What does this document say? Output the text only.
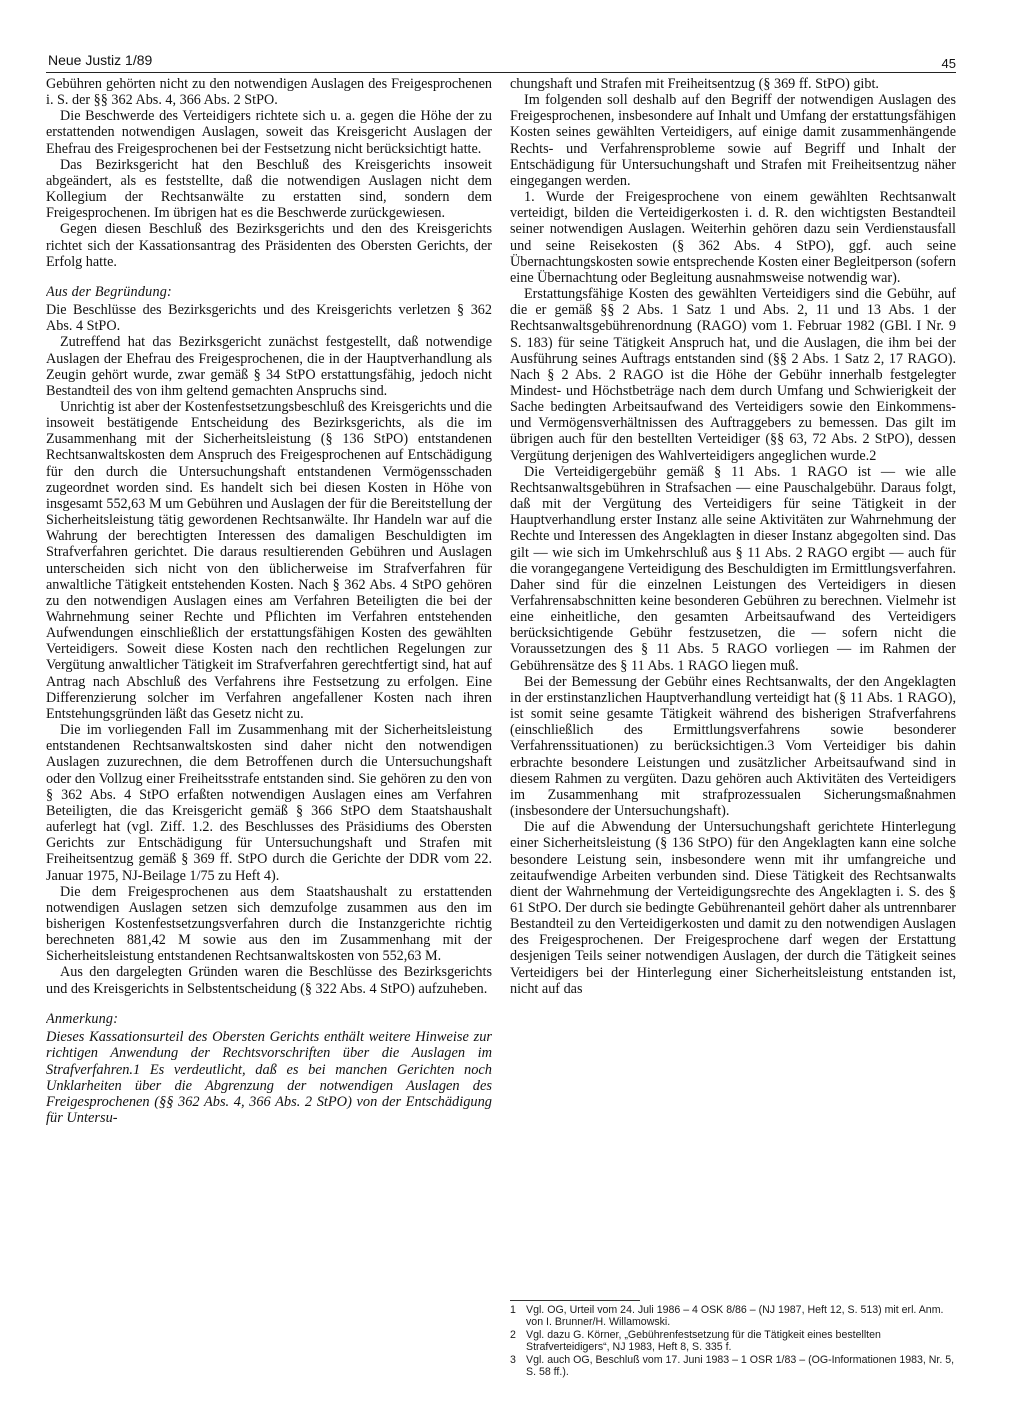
Neue Justiz 1/89	45

Gebühren gehörten nicht zu den notwendigen Auslagen des Freigesprochenen i. S. der §§ 362 Abs. 4, 366 Abs. 2 StPO.

Die Beschwerde des Verteidigers richtete sich u. a. gegen die Höhe der zu erstattenden notwendigen Auslagen, soweit das Kreisgericht Auslagen der Ehefrau des Freigesprochenen bei der Festsetzung nicht berücksichtigt hatte.

Das Bezirksgericht hat den Beschluß des Kreisgerichts insoweit abgeändert, als es feststellte, daß die notwendigen Auslagen nicht dem Kollegium der Rechtsanwälte zu erstatten sind, sondern dem Freigesprochenen. Im übrigen hat es die Beschwerde zurückgewiesen.

Gegen diesen Beschluß des Bezirksgerichts und den des Kreisgerichts richtet sich der Kassationsantrag des Präsidenten des Obersten Gerichts, der Erfolg hatte.

Aus der Begründung:

Die Beschlüsse des Bezirksgerichts und des Kreisgerichts verletzen § 362 Abs. 4 StPO.

Zutreffend hat das Bezirksgericht zunächst festgestellt, daß notwendige Auslagen der Ehefrau des Freigesprochenen, die in der Hauptverhandlung als Zeugin gehört wurde, zwar gemäß § 34 StPO erstattungsfähig, jedoch nicht Bestandteil des von ihm geltend gemachten Anspruchs sind.

Unrichtig ist aber der Kostenfestsetzungsbeschluß des Kreisgerichts und die insoweit bestätigende Entscheidung des Bezirksgerichts, als die im Zusammenhang mit der Sicherheitsleistung (§ 136 StPO) entstandenen Rechtsanwaltskosten dem Anspruch des Freigesprochenen auf Entschädigung für den durch die Untersuchungshaft entstandenen Vermögensschaden zugeordnet worden sind. Es handelt sich bei diesen Kosten in Höhe von insgesamt 552,63 M um Gebühren und Auslagen der für die Bereitstellung der Sicherheitsleistung tätig gewordenen Rechtsanwälte. Ihr Handeln war auf die Wahrung der berechtigten Interessen des damaligen Beschuldigten im Strafverfahren gerichtet. Die daraus resultierenden Gebühren und Auslagen unterscheiden sich nicht von den üblicherweise im Strafverfahren für anwaltliche Tätigkeit entstehenden Kosten. Nach § 362 Abs. 4 StPO gehören zu den notwendigen Auslagen eines am Verfahren Beteiligten die bei der Wahrnehmung seiner Rechte und Pflichten im Verfahren entstehenden Aufwendungen einschließlich der erstattungsfähigen Kosten des gewählten Verteidigers. Soweit diese Kosten nach den rechtlichen Regelungen zur Vergütung anwaltlicher Tätigkeit im Strafverfahren gerechtfertigt sind, hat auf Antrag nach Abschluß des Verfahrens ihre Festsetzung zu erfolgen. Eine Differenzierung solcher im Verfahren angefallener Kosten nach ihren Entstehungsgründen läßt das Gesetz nicht zu.

Die im vorliegenden Fall im Zusammenhang mit der Sicherheitsleistung entstandenen Rechtsanwaltskosten sind daher nicht den notwendigen Auslagen zuzurechnen, die dem Betroffenen durch die Untersuchungshaft oder den Vollzug einer Freiheitsstrafe entstanden sind. Sie gehören zu den von § 362 Abs. 4 StPO erfaßten notwendigen Auslagen eines am Verfahren Beteiligten, die das Kreisgericht gemäß § 366 StPO dem Staatshaushalt auferlegt hat (vgl. Ziff. 1.2. des Beschlusses des Präsidiums des Obersten Gerichts zur Entschädigung für Untersuchungshaft und Strafen mit Freiheitsentzug gemäß § 369 ff. StPO durch die Gerichte der DDR vom 22. Januar 1975, NJ-Beilage 1/75 zu Heft 4).

Die dem Freigesprochenen aus dem Staatshaushalt zu erstattenden notwendigen Auslagen setzen sich demzufolge zusammen aus den im bisherigen Kostenfestsetzungsverfahren durch die Instanzgerichte richtig berechneten 881,42 M sowie aus den im Zusammenhang mit der Sicherheitsleistung entstandenen Rechtsanwaltskosten von 552,63 M.

Aus den dargelegten Gründen waren die Beschlüsse des Bezirksgerichts und des Kreisgerichts in Selbstentscheidung (§ 322 Abs. 4 StPO) aufzuheben.

Anmerkung:

Dieses Kassationsurteil des Obersten Gerichts enthält weitere Hinweise zur richtigen Anwendung der Rechtsvorschriften über die Auslagen im Strafverfahren.1 Es verdeutlicht, daß es bei manchen Gerichten noch Unklarheiten über die Abgrenzung der notwendigen Auslagen des Freigesprochenen (§§ 362 Abs. 4, 366 Abs. 2 StPO) von der Entschädigung für Untersu-

chungshaft und Strafen mit Freiheitsentzug (§ 369 ff. StPO) gibt.

Im folgenden soll deshalb auf den Begriff der notwendigen Auslagen des Freigesprochenen, insbesondere auf Inhalt und Umfang der erstattungsfähigen Kosten seines gewählten Verteidigers, auf einige damit zusammenhängende Rechts- und Verfahrensprobleme sowie auf Begriff und Inhalt der Entschädigung für Untersuchungshaft und Strafen mit Freiheitsentzug näher eingegangen werden.

1. Wurde der Freigesprochene von einem gewählten Rechtsanwalt verteidigt, bilden die Verteidigerkosten i. d. R. den wichtigsten Bestandteil seiner notwendigen Auslagen. Weiterhin gehören dazu sein Verdienstausfall und seine Reisekosten (§ 362 Abs. 4 StPO), ggf. auch seine Übernachtungskosten sowie entsprechende Kosten einer Begleitperson (sofern eine Übernachtung oder Begleitung ausnahmsweise notwendig war).

Erstattungsfähige Kosten des gewählten Verteidigers sind die Gebühr, auf die er gemäß §§ 2 Abs. 1 Satz 1 und Abs. 2, 11 und 13 Abs. 1 der Rechtsanwaltsgebührenordnung (RAGO) vom 1. Februar 1982 (GBl. I Nr. 9 S. 183) für seine Tätigkeit Anspruch hat, und die Auslagen, die ihm bei der Ausführung seines Auftrags entstanden sind (§§ 2 Abs. 1 Satz 2, 17 RAGO). Nach § 2 Abs. 2 RAGO ist die Höhe der Gebühr innerhalb festgelegter Mindest- und Höchstbeträge nach dem durch Umfang und Schwierigkeit der Sache bedingten Arbeitsaufwand des Verteidigers sowie den Einkommens- und Vermögensverhältnissen des Auftraggebers zu bemessen. Das gilt im übrigen auch für den bestellten Verteidiger (§§ 63, 72 Abs. 2 StPO), dessen Vergütung derjenigen des Wahlverteidigers angeglichen wurde.2

Die Verteidigergebühr gemäß § 11 Abs. 1 RAGO ist — wie alle Rechtsanwaltsgebühren in Strafsachen — eine Pauschalgebühr. Daraus folgt, daß mit der Vergütung des Verteidigers für seine Tätigkeit in der Hauptverhandlung erster Instanz alle seine Aktivitäten zur Wahrnehmung der Rechte und Interessen des Angeklagten in dieser Instanz abgegolten sind. Das gilt — wie sich im Umkehrschluß aus § 11 Abs. 2 RAGO ergibt — auch für die vorangegangene Verteidigung des Beschuldigten im Ermittlungsverfahren. Daher sind für die einzelnen Leistungen des Verteidigers in diesen Verfahrensabschnitten keine besonderen Gebühren zu berechnen. Vielmehr ist eine einheitliche, den gesamten Arbeitsaufwand des Verteidigers berücksichtigende Gebühr festzusetzen, die — sofern nicht die Voraussetzungen des § 11 Abs. 5 RAGO vorliegen — im Rahmen der Gebührensätze des § 11 Abs. 1 RAGO liegen muß.

Bei der Bemessung der Gebühr eines Rechtsanwalts, der den Angeklagten in der erstinstanzlichen Hauptverhandlung verteidigt hat (§ 11 Abs. 1 RAGO), ist somit seine gesamte Tätigkeit während des bisherigen Strafverfahrens (einschließlich des Ermittlungsverfahrens sowie besonderer Verfahrenssituationen) zu berücksichtigen.3 Vom Verteidiger bis dahin erbrachte besondere Leistungen und zusätzlicher Arbeitsaufwand sind in diesem Rahmen zu vergüten. Dazu gehören auch Aktivitäten des Verteidigers im Zusammenhang mit strafprozessualen Sicherungsmaßnahmen (insbesondere der Untersuchungshaft).

Die auf die Abwendung der Untersuchungshaft gerichtete Hinterlegung einer Sicherheitsleistung (§ 136 StPO) für den Angeklagten kann eine solche besondere Leistung sein, insbesondere wenn mit ihr umfangreiche und zeitaufwendige Arbeiten verbunden sind. Diese Tätigkeit des Rechtsanwalts dient der Wahrnehmung der Verteidigungsrechte des Angeklagten i. S. des § 61 StPO. Der durch sie bedingte Gebührenanteil gehört daher als untrennbarer Bestandteil zu den Verteidigerkosten und damit zu den notwendigen Auslagen des Freigesprochenen. Der Freigesprochene darf wegen der Erstattung desjenigen Teils seiner notwendigen Auslagen, der durch die Tätigkeit seines Verteidigers bei der Hinterlegung einer Sicherheitsleistung entstanden ist, nicht auf das

1 Vgl. OG, Urteil vom 24. Juli 1986 – 4 OSK 8/86 – (NJ 1987, Heft 12, S. 513) mit erl. Anm. von I. Brunner/H. Willamowski.

2 Vgl. dazu G. Körner, „Gebührenfestsetzung für die Tätigkeit eines bestellten Strafverteidigers“, NJ 1983, Heft 8, S. 335 f.

3 Vgl. auch OG, Beschluß vom 17. Juni 1983 – 1 OSR 1/83 – (OG-Informationen 1983, Nr. 5, S. 58 ff.).
